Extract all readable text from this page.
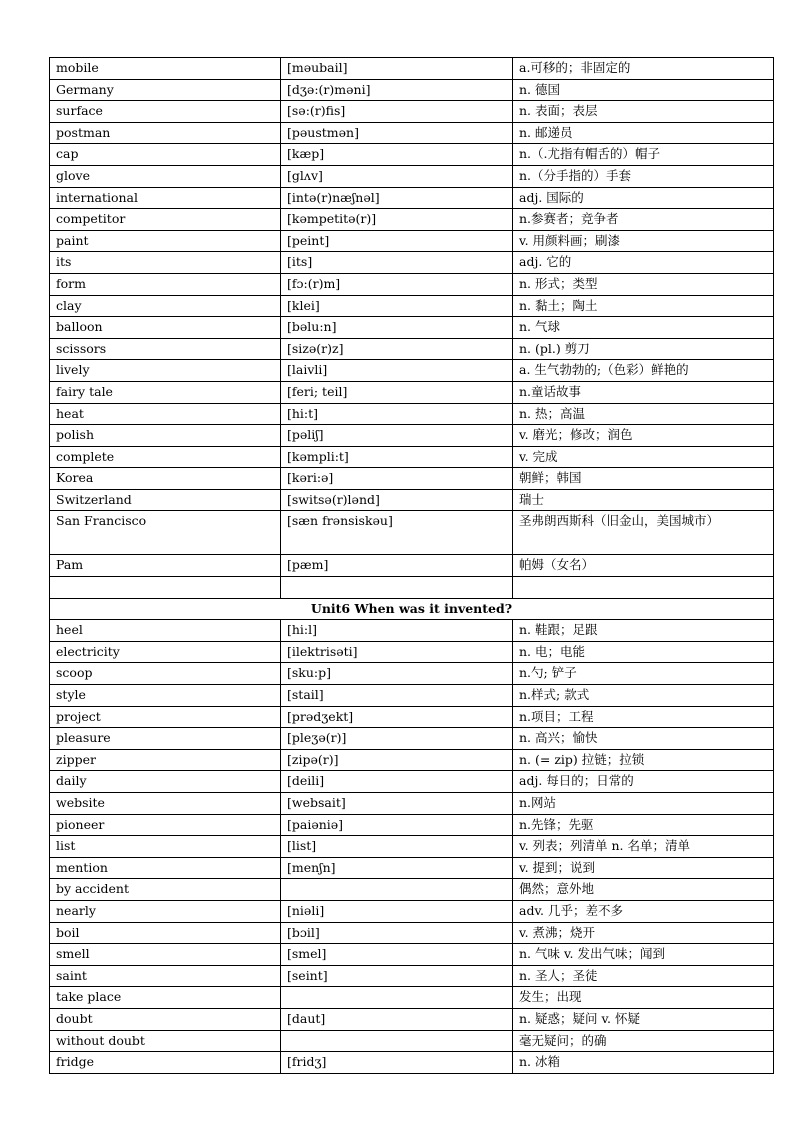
mobile	[məubail]	a.可移的；非固定的
Germany	[dʒə:(r)məni]	n. 德国
surface	[sə:(r)fis]	n. 表面；表层
postman	[pəustmən]	n. 邮递员
cap	[kæp]	n.（.尤指有帽舌的）帽子
glove	[glʌv]	n.（分手指的）手套
international	[intə(r)næʃnəl]	adj. 国际的
competitor	[kəmpetitə(r)]	n.参赛者；竞争者
paint	[peint]	v. 用颜料画；刷漆
its	[its]	adj. 它的
form	[fɔ:(r)m]	n. 形式；类型
clay	[klei]	n. 黏土；陶土
balloon	[bəlu:n]	n. 气球
scissors	[sizə(r)z]	n. (pl.) 剪刀
lively	[laivli]	a. 生气勃勃的;（色彩）鲜艳的
fairy tale	[feri; teil]	n.童话故事
heat	[hi:t]	n. 热；高温
polish	[pəliʃ]	v. 磨光；修改；润色
complete	[kəmpli:t]	v. 完成
Korea	[kəri:ə]	朝鲜；韩国
Switzerland	[switsə(r)lənd]	瑞士
San Francisco	[sæn frənsiskəu]	圣弗朗西斯科（旧金山，美国城市）
Pam	[pæm]	帕姆（女名）

Unit6 When was it invented?		
heel	[hi:l]	n. 鞋跟；足跟
electricity	[ilektrisəti]	n. 电；电能
scoop	[sku:p]	n.勺; 铲子
style	[stail]	n.样式; 款式
project	[prədʒekt]	n.项目；工程
pleasure	[pleʒə(r)]	n. 高兴；愉快
zipper	[zipə(r)]	n. (= zip) 拉链；拉锁
daily	[deili]	adj. 每日的；日常的
website	[websait]	n.网站
pioneer	[paiəniə]	n.先锋；先驱
list	[list]	v. 列表；列清单 n. 名单；清单
mention	[menʃn]	v. 提到；说到
by accident		偶然；意外地
nearly	[niəli]	adv. 几乎；差不多
boil	[bɔil]	v. 煮沸；烧开
smell	[smel]	n. 气味 v. 发出气味；闻到
saint	[seint]	n. 圣人；圣徒
take place		发生；出现
doubt	[daut]	n. 疑惑；疑问 v. 怀疑
without doubt		毫无疑问；的确
fridge	[fridʒ]	n. 冰箱
